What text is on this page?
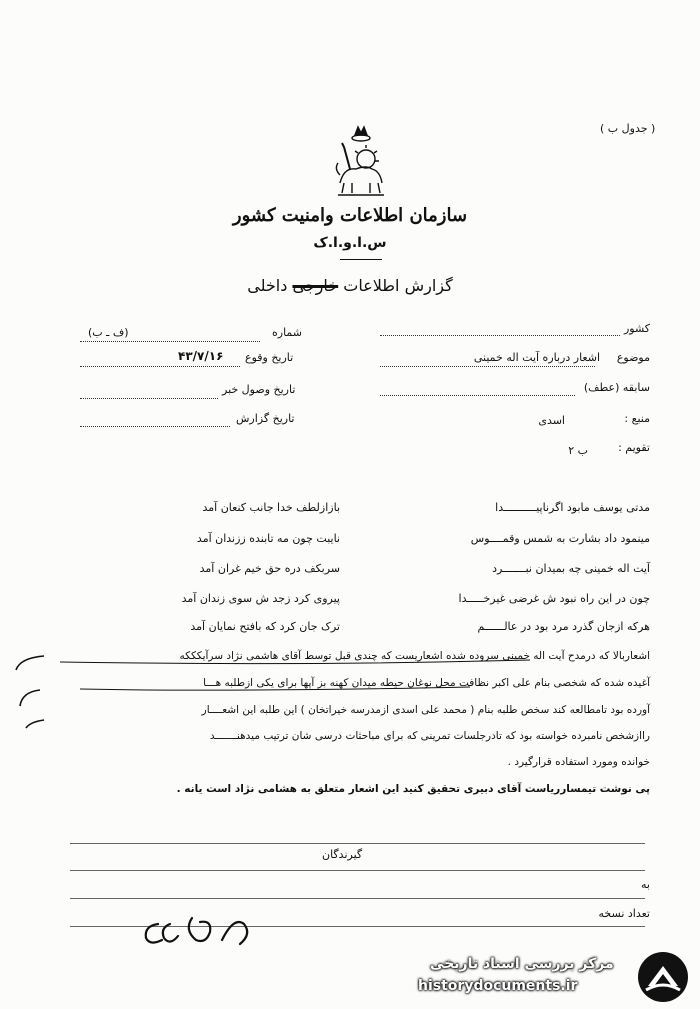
( جدول ب )
سازمان اطلاعات وامنیت کشور
س.ا.و.ا.ک
گزارش اطلاعات خارجی داخلی
کشور
موضوع
اشعار درباره آیت اله خمینی
سابقه (عطف)
منبع :
اسدی
تقویم :
ب ۲
شماره
(ف ـ ب)
تاریخ وقوع
۴۳/۷/۱۶
تاریخ وصول خبر
تاریخ گزارش
مدتی یوسف مابود اگرناپیــــــــــدا
بازازلطف خدا جانب کنعان آمد
مینمود داد بشارت به شمس وقمــــوس
نایبت چون مه تابنده ززندان آمد
آیت اله خمینی چه بمیدان نبـــــــرد
سربکف دره حق خیم غران آمد
چون در این راه نبود ش غرضی غیرخـــــدا
پیروی کرد زجد ش سوی زندان آمد
هرکه ازجان گذرد مرد بود در عالــــــم
ترک جان کرد که بافتح نمایان آمد
اشعاربالا که درمدح آیت اله خمینی سروده شده اشعاریست که چندی قبل توسط آقای هاشمی نژاد سرآیکککه
آغیده شده که شخصی بنام علی اکبر نظافت محل نوغان حیطه میدان کهنه بز آپها برای یکی ازطلبه هـــا
آورده بود تامطالعه کند سخص طلبه بنام ( محمد علی اسدی ازمدرسه خیراتخان ) این طلبه این اشعــــار
راازشخص نامبرده خواسته بود که تادرجلسات تمرینی که برای مباحثات درسی شان ترتیب میدهنـــــــد
خوانده ومورد استفاده قرارگیرد .
پی نوشت تیمساررياست آقای دبیری تحقیق کنید این اشعار متعلق به هشامی نژاد است یانه .
گیرندگان
به
تعداد نسخه
مرکز بررسی اسناد تاریخی
historydocuments.ir
